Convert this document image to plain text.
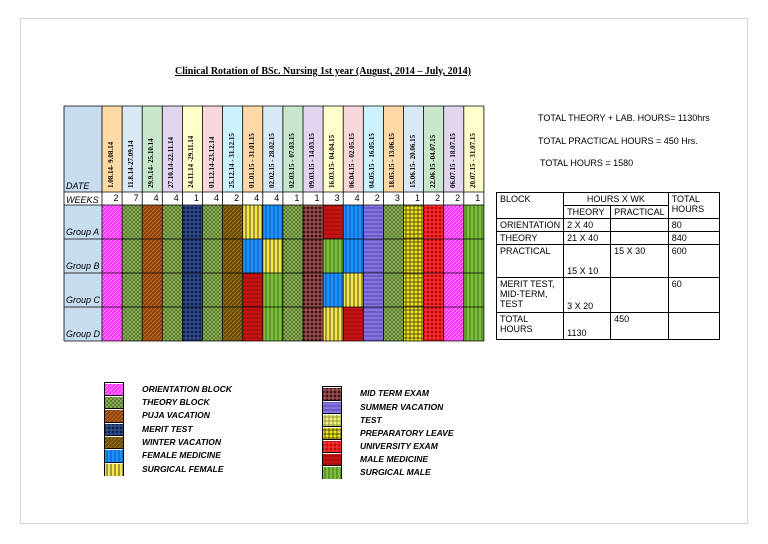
Clinical Rotation of BSc. Nursing 1st year (August, 2014 – July, 2014)
1.08.14- 9.08.14 11.8.14-27.09.14 29.9.14- 25.10.14 27.10.14-22.11.14 24.11.14 -29.11.14 01.12.14-23.12.14 25.12.14 - 31.12.15 01.01.15 - 31.01.15 02.02.15 - 28.02.15 02.03.15 - 07.03.15 09.03.15 - 14.03.15 16.03.15- 04.04.15 06.04.15 - 02.05.15 04.05.15 - 16.05.15 18.05.15 - 13.06.15 15.06.15- 20.06.15 22.06.15 -04.07.15 06.07.15 - 18.07.15 20.07.15 - 31.07.15
DATE
WEEKS	2	7	4	4	1	4	2	4	4	1	1	3	4	2	3	1	2	2	1
Group A
Group B
Group C
Group D
TOTAL THEORY + LAB. HOURS= 1130hrs
TOTAL PRACTICAL HOURS = 450 Hrs.
TOTAL HOURS = 1580
BLOCK	HOURS X WK		TOTAL HOURS
	THEORY	PRACTICAL	
ORIENTATION	2 X 40		80
THEORY	21 X 40		840
PRACTICAL	15 X 10	15 X 30	600
MERIT TEST, MID-TERM, TEST	3 X 20		60
TOTAL HOURS	1130	450	
ORIENTATION BLOCK
THEORY BLOCK
PUJA VACATION
MERIT TEST
WINTER VACATION
FEMALE MEDICINE
SURGICAL FEMALE
MID TERM EXAM
SUMMER VACATION
TEST
PREPARATORY LEAVE
UNIVERSITY EXAM
MALE MEDICINE
SURGICAL MALE
